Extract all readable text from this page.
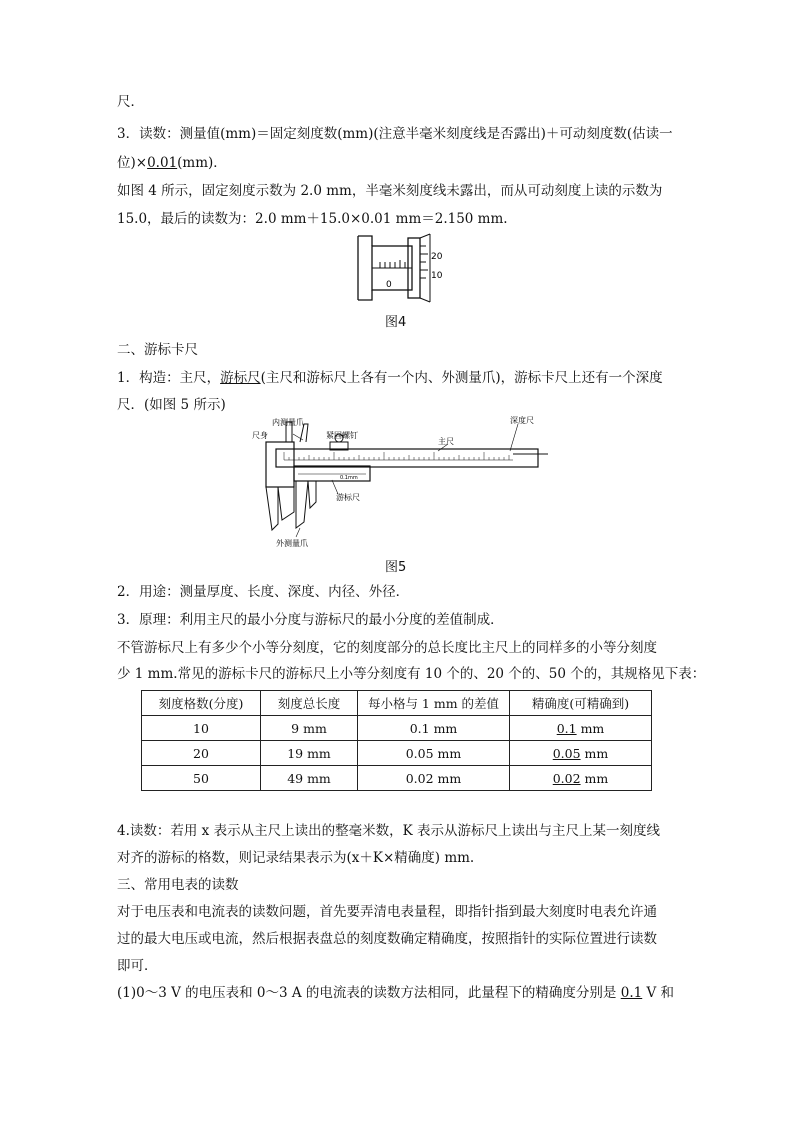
尺．
3．读数：测量值(mm)＝固定刻度数(mm)(注意半毫米刻度线是否露出)＋可动刻度数(估读一
位)×0.01(mm)．
如图 4 所示，固定刻度示数为 2.0 mm，半毫米刻度线未露出，而从可动刻度上读的示数为
15.0，最后的读数为：2.0 mm＋15.0×0.01 mm＝2.150 mm.
20
10
0
图4
二、游标卡尺
1．构造：主尺，游标尺(主尺和游标尺上各有一个内、外测量爪)，游标卡尺上还有一个深度
尺．(如图 5 所示)
尺身
内测量爪
紧固螺钉
主尺
深度尺
游标尺
外测量爪
0.1mm
图5
2．用途：测量厚度、长度、深度、内径、外径．
3．原理：利用主尺的最小分度与游标尺的最小分度的差值制成．
不管游标尺上有多少个小等分刻度，它的刻度部分的总长度比主尺上的同样多的小等分刻度
少 1 mm.常见的游标卡尺的游标尺上小等分刻度有 10 个的、20 个的、50 个的，其规格见下表：
刻度格数(分度)	刻度总长度	每小格与 1 mm 的差值	精确度(可精确到)
10	9 mm	0.1 mm	0.1 mm
20	19 mm	0.05 mm	0.05 mm
50	49 mm	0.02 mm	0.02 mm
4.读数：若用 x 表示从主尺上读出的整毫米数，K 表示从游标尺上读出与主尺上某一刻度线
对齐的游标的格数，则记录结果表示为(x＋K×精确度) mm.
三、常用电表的读数
对于电压表和电流表的读数问题，首先要弄清电表量程，即指针指到最大刻度时电表允许通
过的最大电压或电流，然后根据表盘总的刻度数确定精确度，按照指针的实际位置进行读数
即可．
(1)0～3 V 的电压表和 0～3 A 的电流表的读数方法相同，此量程下的精确度分别是 0.1 V 和
